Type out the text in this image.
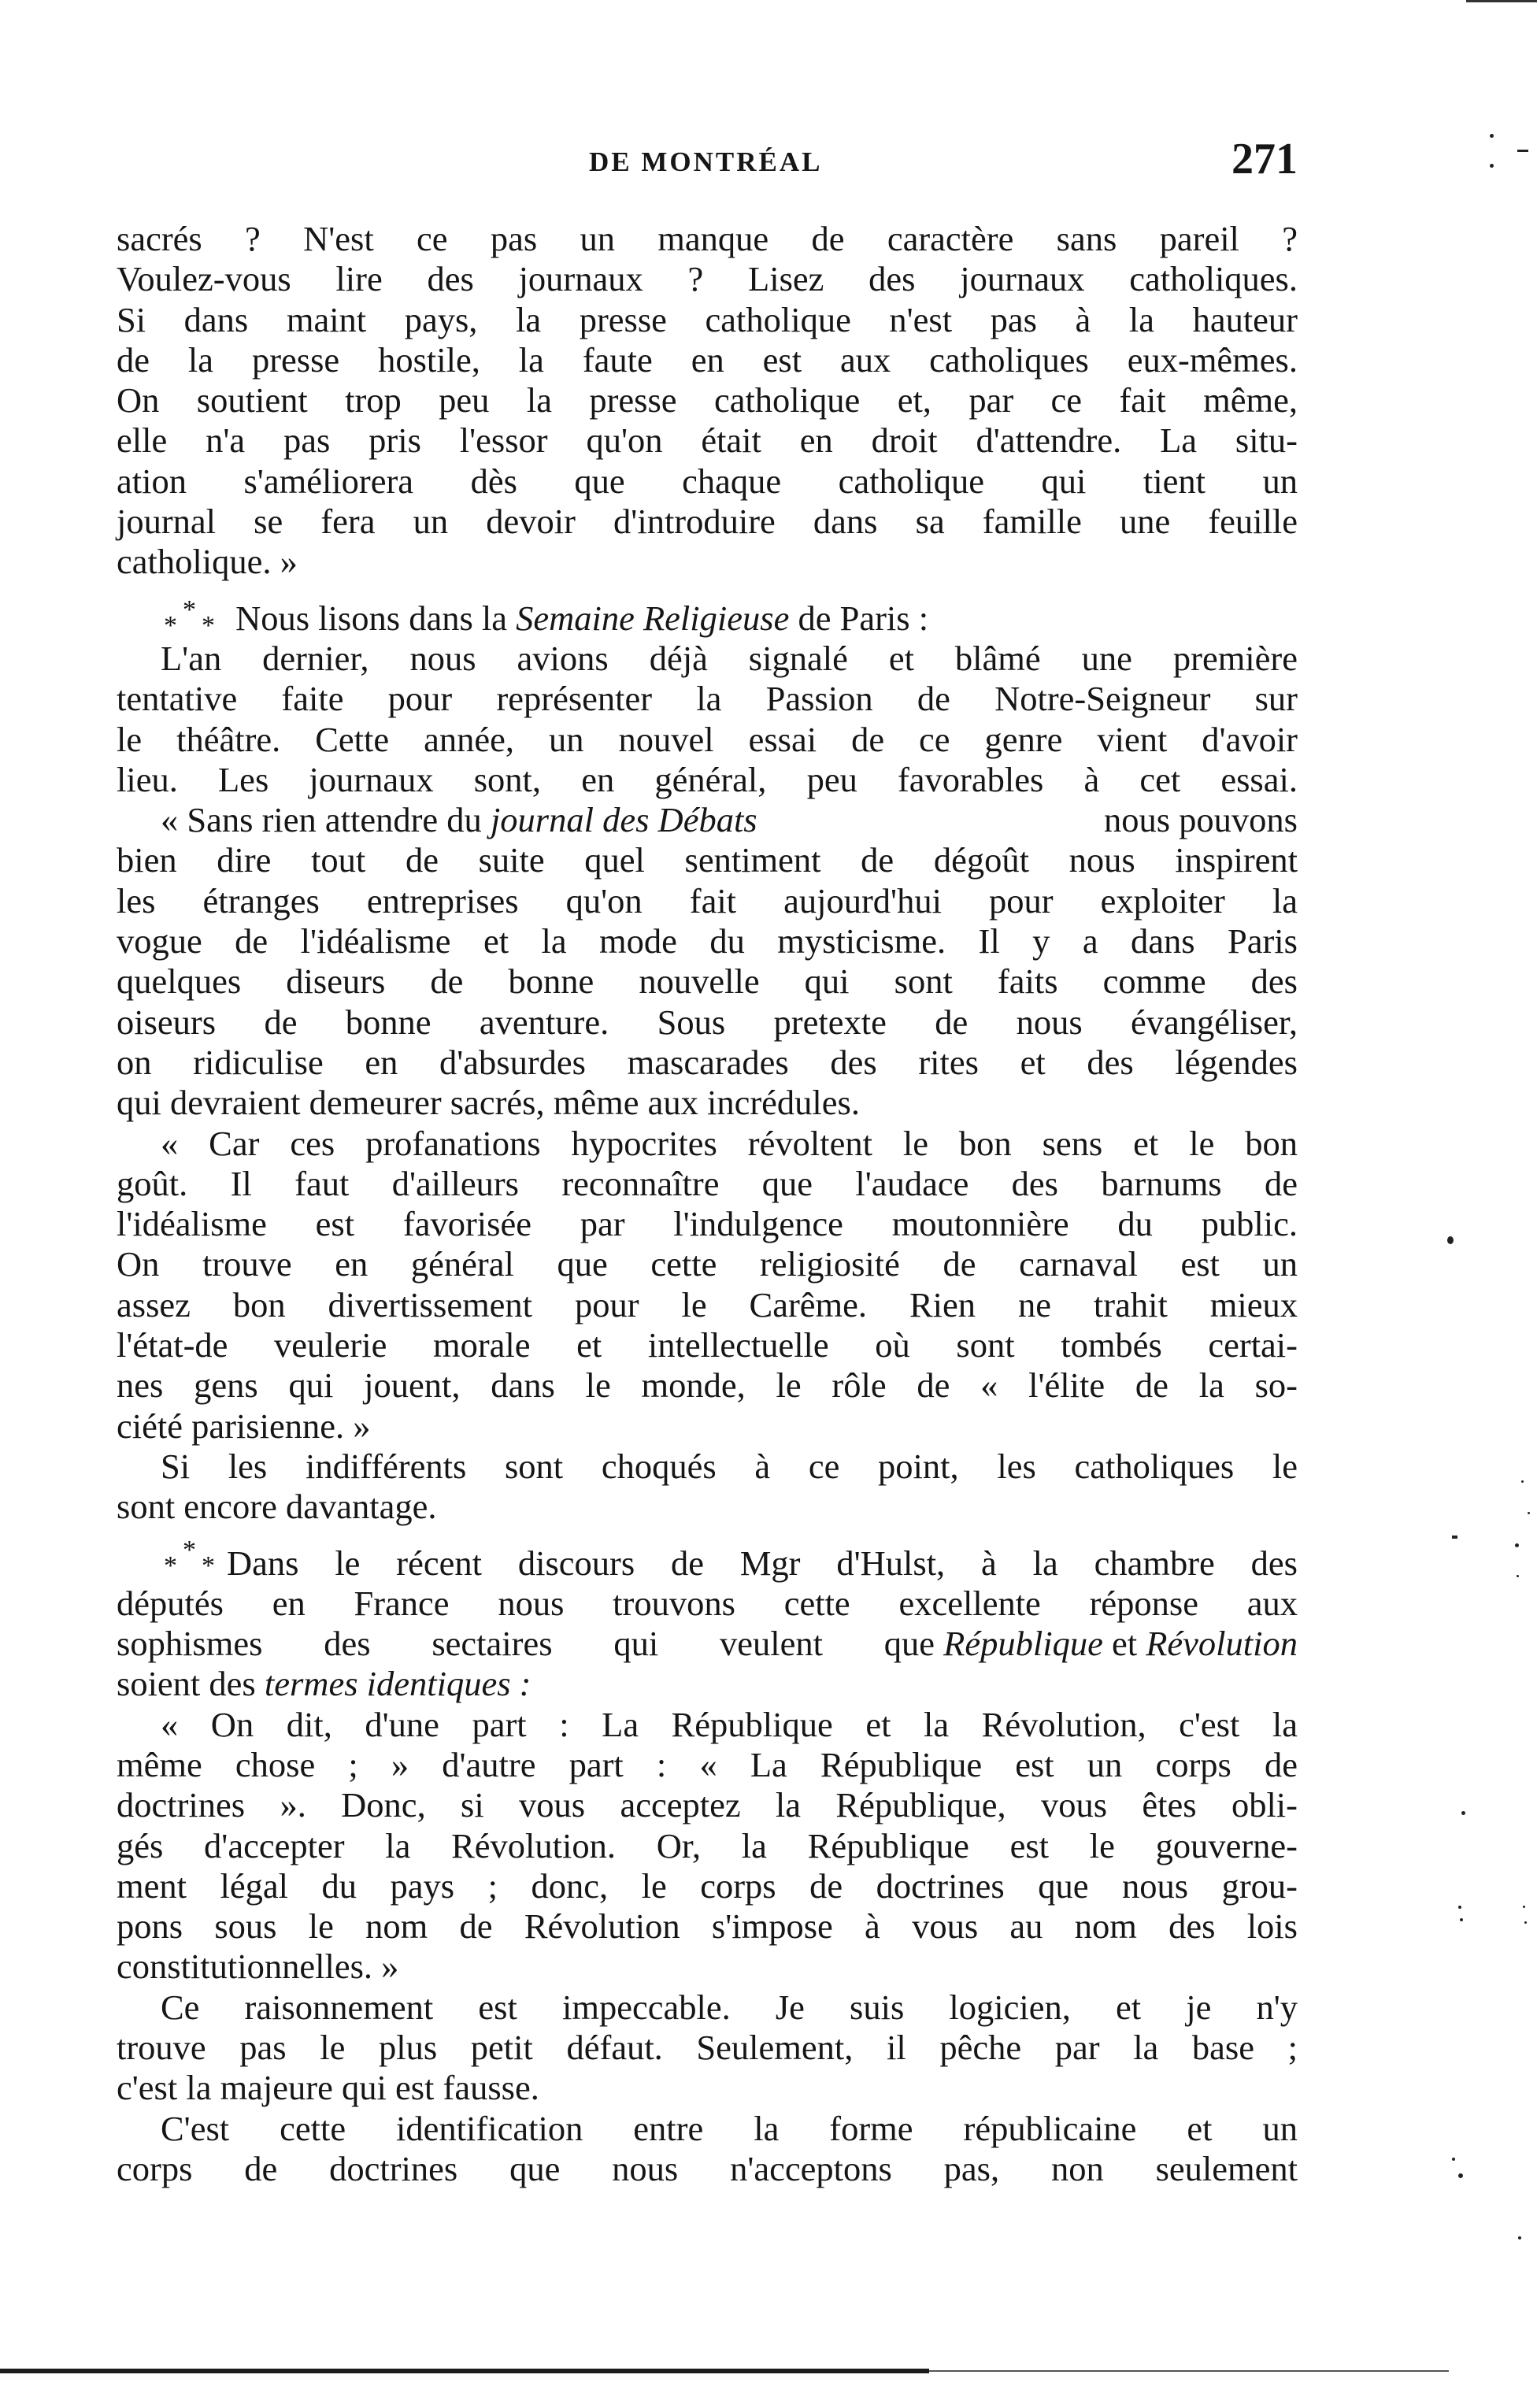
DE MONTRÉAL	271
sacrés ? N'est ce pas un manque de caractère sans pareil ?
Voulez-vous lire des journaux ? Lisez des journaux catholiques.
Si dans maint pays, la presse catholique n'est pas à la hauteur
de la presse hostile, la faute en est aux catholiques eux-mêmes.
On soutient trop peu la presse catholique et, par ce fait même,
elle n'a pas pris l'essor qu'on était en droit d'attendre. La situ-
ation s'améliorera dès que chaque catholique qui tient un
journal se fera un devoir d'introduire dans sa famille une feuille
catholique. »
*
*
* Nous lisons dans la Semaine Religieuse de Paris :
L'an dernier, nous avions déjà signalé et blâmé une première
tentative faite pour représenter la Passion de Notre-Seigneur sur
le théâtre. Cette année, un nouvel essai de ce genre vient d'avoir
lieu. Les journaux sont, en général, peu favorables à cet essai.
« Sans rien attendre du journal des Débats	nous pouvons
bien dire tout de suite quel sentiment de dégoût nous inspirent
les étranges entreprises qu'on fait aujourd'hui pour exploiter la
vogue de l'idéalisme et la mode du mysticisme. Il y a dans Paris
quelques diseurs de bonne nouvelle qui sont faits comme des
oiseurs de bonne aventure. Sous pretexte de nous évangéliser,
on ridiculise en d'absurdes mascarades des rites et des légendes
qui devraient demeurer sacrés, même aux incrédules.
« Car ces profanations hypocrites révoltent le bon sens et le bon
goût. Il faut d'ailleurs reconnaître que l'audace des barnums de
l'idéalisme est favorisée par l'indulgence moutonnière du public.
On trouve en général que cette religiosité de carnaval est un
assez bon divertissement pour le Carême. Rien ne trahit mieux
l'état-de veulerie morale et intellectuelle où sont tombés certai-
nes gens qui jouent, dans le monde, le rôle de « l'élite de la so-
ciété parisienne. »
Si les indifférents sont choqués à ce point, les catholiques le
sont encore davantage.
*
*
* Dans le récent discours de Mgr d'Hulst, à la chambre des
députés en France nous trouvons cette excellente réponse aux
sophismes des sectaires qui veulent que République et Révolution
soient des termes identiques :
« On dit, d'une part : La République et la Révolution, c'est la
même chose ; » d'autre part : « La République est un corps de
doctrines ». Donc, si vous acceptez la République, vous êtes obli-
gés d'accepter la Révolution. Or, la République est le gouverne-
ment légal du pays ; donc, le corps de doctrines que nous grou-
pons sous le nom de Révolution s'impose à vous au nom des lois
constitutionnelles. »
Ce raisonnement est impeccable. Je suis logicien, et je n'y
trouve pas le plus petit défaut. Seulement, il pêche par la base ;
c'est la majeure qui est fausse.
C'est cette identification entre la forme républicaine et un
corps de doctrines que nous n'acceptons pas, non seulement
